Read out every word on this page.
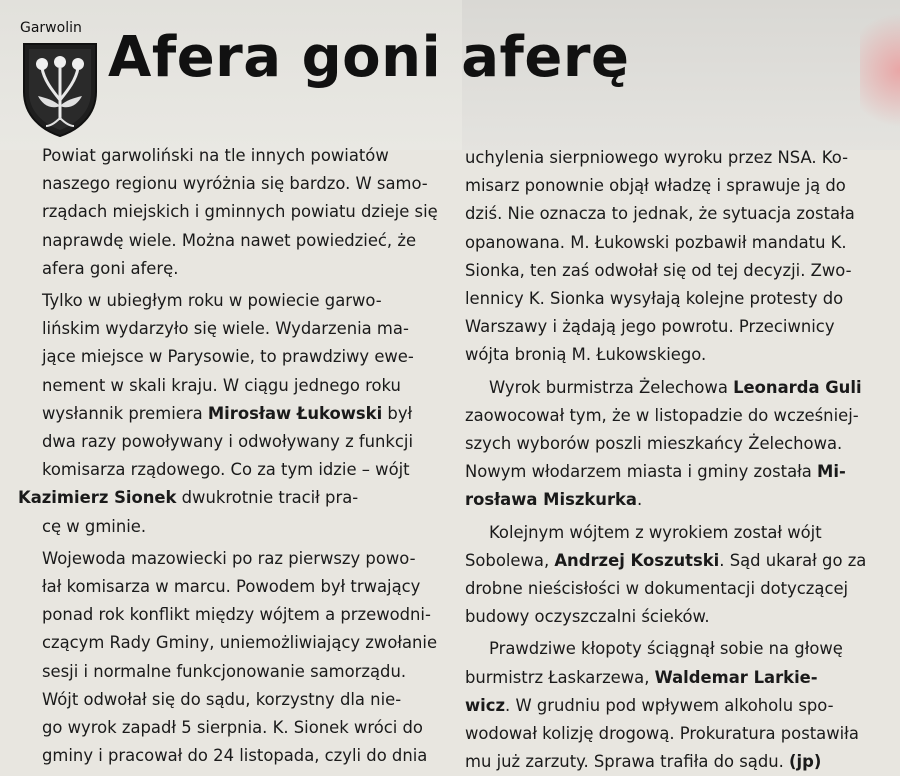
Garwolin Afera goni aferę
Powiat garwoliński na tle innych powiatów
naszego regionu wyróżnia się bardzo. W samo-
rządach miejskich i gminnych powiatu dzieje się
naprawdę wiele. Można nawet powiedzieć, że
afera goni aferę.
Tylko w ubiegłym roku w powiecie garwo-
lińskim wydarzyło się wiele. Wydarzenia ma-
jące miejsce w Parysowie, to prawdziwy ewe-
nement w skali kraju. W ciągu jednego roku
wysłannik premiera Mirosław Łukowski był
dwa razy powoływany i odwoływany z funkcji
komisarza rządowego. Co za tym idzie – wójt
Kazimierz Sionek dwukrotnie tracił pra-
cę w gminie.
Wojewoda mazowiecki po raz pierwszy powo-
łał komisarza w marcu. Powodem był trwający
ponad rok konflikt między wójtem a przewodni-
czącym Rady Gminy, uniemożliwiający zwołanie
sesji i normalne funkcjonowanie samorządu.
Wójt odwołał się do sądu, korzystny dla nie-
go wyrok zapadł 5 sierpnia. K. Sionek wróci do
gminy i pracował do 24 listopada, czyli do dnia
uchylenia sierpniowego wyroku przez NSA. Ko-
misarz ponownie objął władzę i sprawuje ją do
dziś. Nie oznacza to jednak, że sytuacja została
opanowana. M. Łukowski pozbawił mandatu K.
Sionka, ten zaś odwołał się od tej decyzji. Zwo-
lennicy K. Sionka wysyłają kolejne protesty do
Warszawy i żądają jego powrotu. Przeciwnicy
wójta bronią M. Łukowskiego.
Wyrok burmistrza Żelechowa Leonarda Guli
zaowocował tym, że w listopadzie do wcześniej-
szych wyborów poszli mieszkańcy Żelechowa.
Nowym włodarzem miasta i gminy została Mi-
rosława Miszkurka.
Kolejnym wójtem z wyrokiem został wójt
Sobolewa, Andrzej Koszutski. Sąd ukarał go za
drobne nieścisłości w dokumentacji dotyczącej
budowy oczyszczalni ścieków.
Prawdziwe kłopoty ściągnął sobie na głowę
burmistrz Łaskarzewa, Waldemar Larkie-
wicz. W grudniu pod wpływem alkoholu spo-
wodował kolizję drogową. Prokuratura postawiła
mu już zarzuty. Sprawa trafiła do sądu. (jp)
